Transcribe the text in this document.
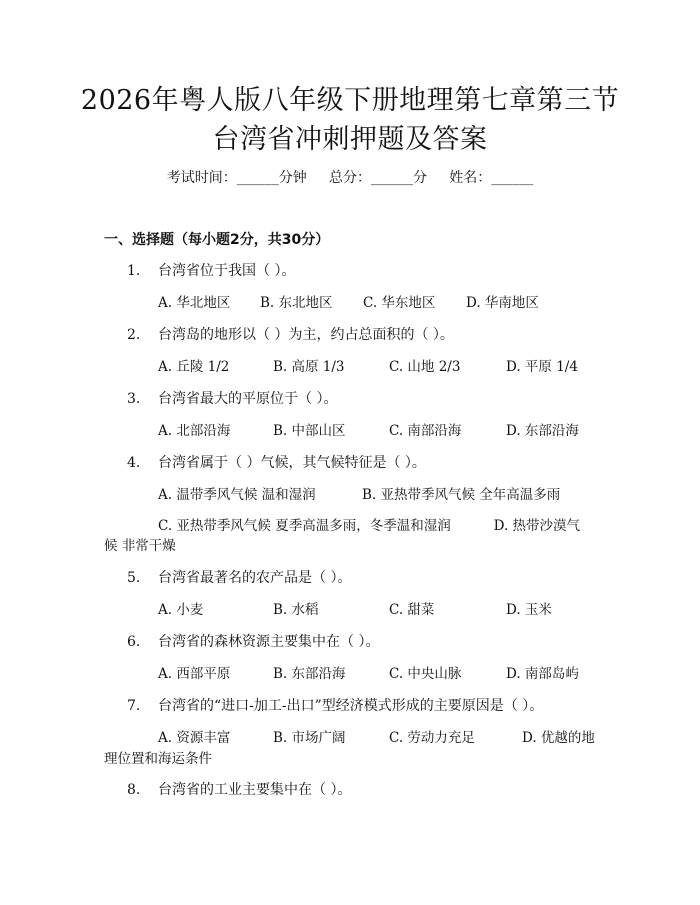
2026年粤人版八年级下册地理第七章第三节
台湾省冲刺押题及答案
考试时间：______分钟     总分：______分     姓名：______
一、选择题（每小题2分，共30分）
1. 台湾省位于我国（ ）。
A. 华北地区 B. 东北地区 C. 华东地区 D. 华南地区
2. 台湾岛的地形以（ ）为主，约占总面积的（ ）。
A. 丘陵 1/2	B. 高原 1/3	C. 山地 2/3	D. 平原 1/4
3. 台湾省最大的平原位于（ ）。
A. 北部沿海	B. 中部山区	C. 南部沿海	D. 东部沿海
4. 台湾省属于（ ）气候，其气候特征是（ ）。
A. 温带季风气候 温和湿润	B. 亚热带季风气候 全年高温多雨
C. 亚热带季风气候 夏季高温多雨，冬季温和湿润          D. 热带沙漠气
候 非常干燥
5. 台湾省最著名的农产品是（ ）。
A. 小麦	B. 水稻	C. 甜菜	D. 玉米
6. 台湾省的森林资源主要集中在（ ）。
A. 西部平原	B. 东部沿海	C. 中央山脉	D. 南部岛屿
7. 台湾省的“进口-加工-出口”型经济模式形成的主要原因是（ ）。
A. 资源丰富	B. 市场广阔	C. 劳动力充足	D. 优越的地
理位置和海运条件
8. 台湾省的工业主要集中在（ ）。
